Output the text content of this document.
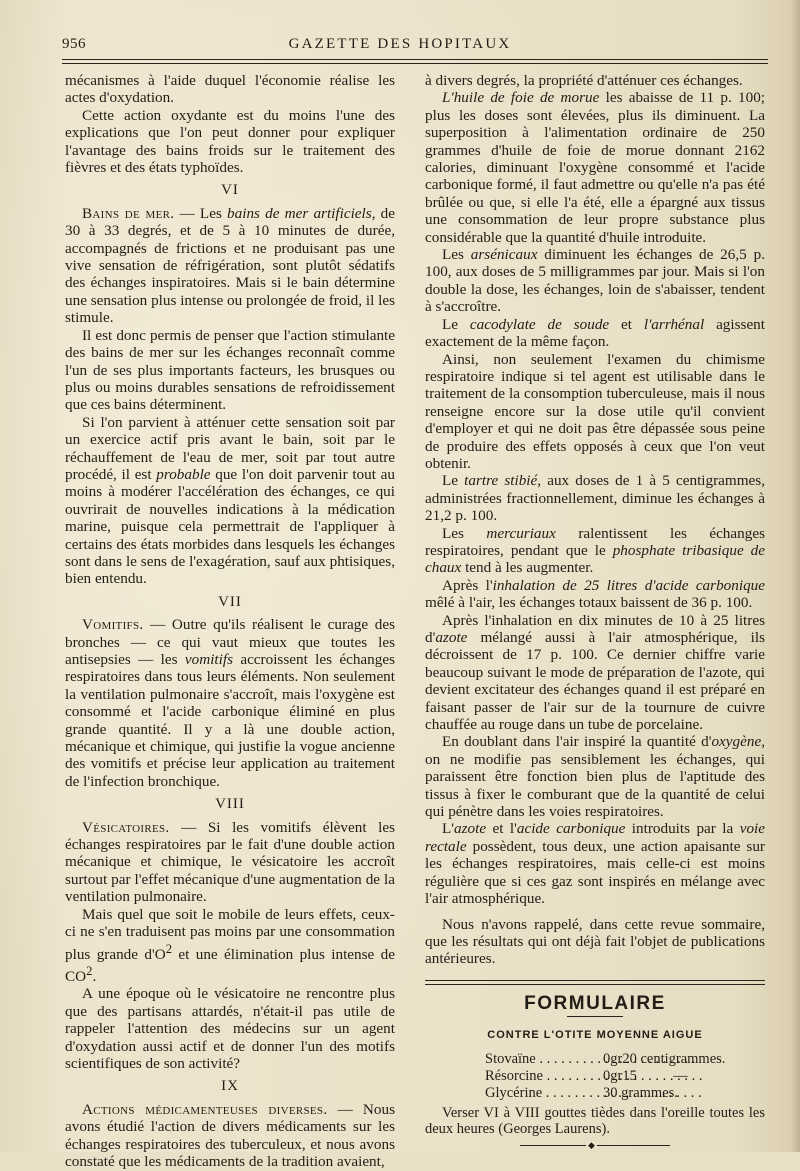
956	GAZETTE DES HOPITAUX

mécanismes à l'aide duquel l'économie réalise les actes d'oxydation.

Cette action oxydante est du moins l'une des explications que l'on peut donner pour expliquer l'avantage des bains froids sur le traitement des fièvres et des états typhoïdes.

VI

Bains de mer. — Les bains de mer artificiels, de 30 à 33 degrés, et de 5 à 10 minutes de durée, accompagnés de frictions et ne produisant pas une vive sensation de réfrigération, sont plutôt sédatifs des échanges inspiratoires. Mais si le bain détermine une sensation plus intense ou prolongée de froid, il les stimule.

Il est donc permis de penser que l'action stimulante des bains de mer sur les échanges reconnaît comme l'un de ses plus importants facteurs, les brusques ou plus ou moins durables sensations de refroidissement que ces bains déterminent.

Si l'on parvient à atténuer cette sensation soit par un exercice actif pris avant le bain, soit par le réchauffement de l'eau de mer, soit par tout autre procédé, il est probable que l'on doit parvenir tout au moins à modérer l'accélération des échanges, ce qui ouvrirait de nouvelles indications à la médication marine, puisque cela permettrait de l'appliquer à certains des états morbides dans lesquels les échanges sont dans le sens de l'exagération, sauf aux phtisiques, bien entendu.

VII

Vomitifs. — Outre qu'ils réalisent le curage des bronches — ce qui vaut mieux que toutes les antisepsies — les vomitifs accroissent les échanges respiratoires dans tous leurs éléments. Non seulement la ventilation pulmonaire s'accroît, mais l'oxygène est consommé et l'acide carbonique éliminé en plus grande quantité. Il y a là une double action, mécanique et chimique, qui justifie la vogue ancienne des vomitifs et précise leur application au traitement de l'infection bronchique.

VIII

Vésicatoires. — Si les vomitifs élèvent les échanges respiratoires par le fait d'une double action mécanique et chimique, le vésicatoire les accroît surtout par l'effet mécanique d'une augmentation de la ventilation pulmonaire.

Mais quel que soit le mobile de leurs effets, ceux-ci ne s'en traduisent pas moins par une consommation plus grande $d'O^2$ et une élimination plus intense de $CO^2$.

A une époque où le vésicatoire ne rencontre plus que des partisans attardés, n'était-il pas utile de rappeler l'attention des médecins sur un agent d'oxydation aussi actif et de donner l'un des motifs scientifiques de son activité?

IX

Actions médicamenteuses diverses. — Nous avons étudié l'action de divers médicaments sur les échanges respiratoires des tuberculeux, et nous avons constaté que les médicaments de la tradition avaient,

à divers degrés, la propriété d'atténuer ces échanges.

L'huile de foie de morue les abaisse de 11 p. 100; plus les doses sont élevées, plus ils diminuent. La superposition à l'alimentation ordinaire de 250 grammes d'huile de foie de morue donnant 2162 calories, diminuant l'oxygène consommé et l'acide carbonique formé, il faut admettre ou qu'elle n'a pas été brûlée ou que, si elle l'a été, elle a épargné aux tissus une consommation de leur propre substance plus considérable que la quantité d'huile introduite.

Les arsénicaux diminuent les échanges de 26,5 p. 100, aux doses de 5 milligrammes par jour. Mais si l'on double la dose, les échanges, loin de s'abaisser, tendent à s'accroître.

Le cacodylate de soude et l'arrhénal agissent exactement de la même façon.

Ainsi, non seulement l'examen du chimisme respiratoire indique si tel agent est utilisable dans le traitement de la consomption tuberculeuse, mais il nous renseigne encore sur la dose utile qu'il convient d'employer et qui ne doit pas être dépassée sous peine de produire des effets opposés à ceux que l'on veut obtenir.

Le tartre stibié, aux doses de 1 à 5 centigrammes, administrées fractionnellement, diminue les échanges à 21,2 p. 100.

Les mercuriaux ralentissent les échanges respiratoires, pendant que le phosphate tribasique de chaux tend à les augmenter.

Après l'inhalation de 25 litres d'acide carbonique mêlé à l'air, les échanges totaux baissent de 36 p. 100.

Après l'inhalation en dix minutes de 10 à 25 litres d'azote mélangé aussi à l'air atmosphérique, ils décroissent de 17 p. 100. Ce dernier chiffre varie beaucoup suivant le mode de préparation de l'azote, qui devient excitateur des échanges quand il est préparé en faisant passer de l'air sur de la tournure de cuivre chauffée au rouge dans un tube de porcelaine.

En doublant dans l'air inspiré la quantité d'oxygène, on ne modifie pas sensiblement les échanges, qui paraissent être fonction bien plus de l'aptitude des tissus à fixer le comburant que de la quantité de celui qui pénètre dans les voies respiratoires.

L'azote et l'acide carbonique introduits par la voie rectale possèdent, tous deux, une action apaisante sur les échanges respiratoires, mais celle-ci est moins régulière que si ces gaz sont inspirés en mélange avec l'air atmosphérique.

Nous n'avons rappelé, dans cette revue sommaire, que les résultats qui ont déjà fait l'objet de publications antérieures.

FORMULAIRE
CONTRE L'OTITE MOYENNE AIGUE
Stovaïne . . .	0gr20 centigrammes.
Résorcine . . .	0gr15          —
Glycérine . . .	30 grammes.
Verser VI à VIII gouttes tièdes dans l'oreille toutes les deux heures (Georges Laurens).
◆
